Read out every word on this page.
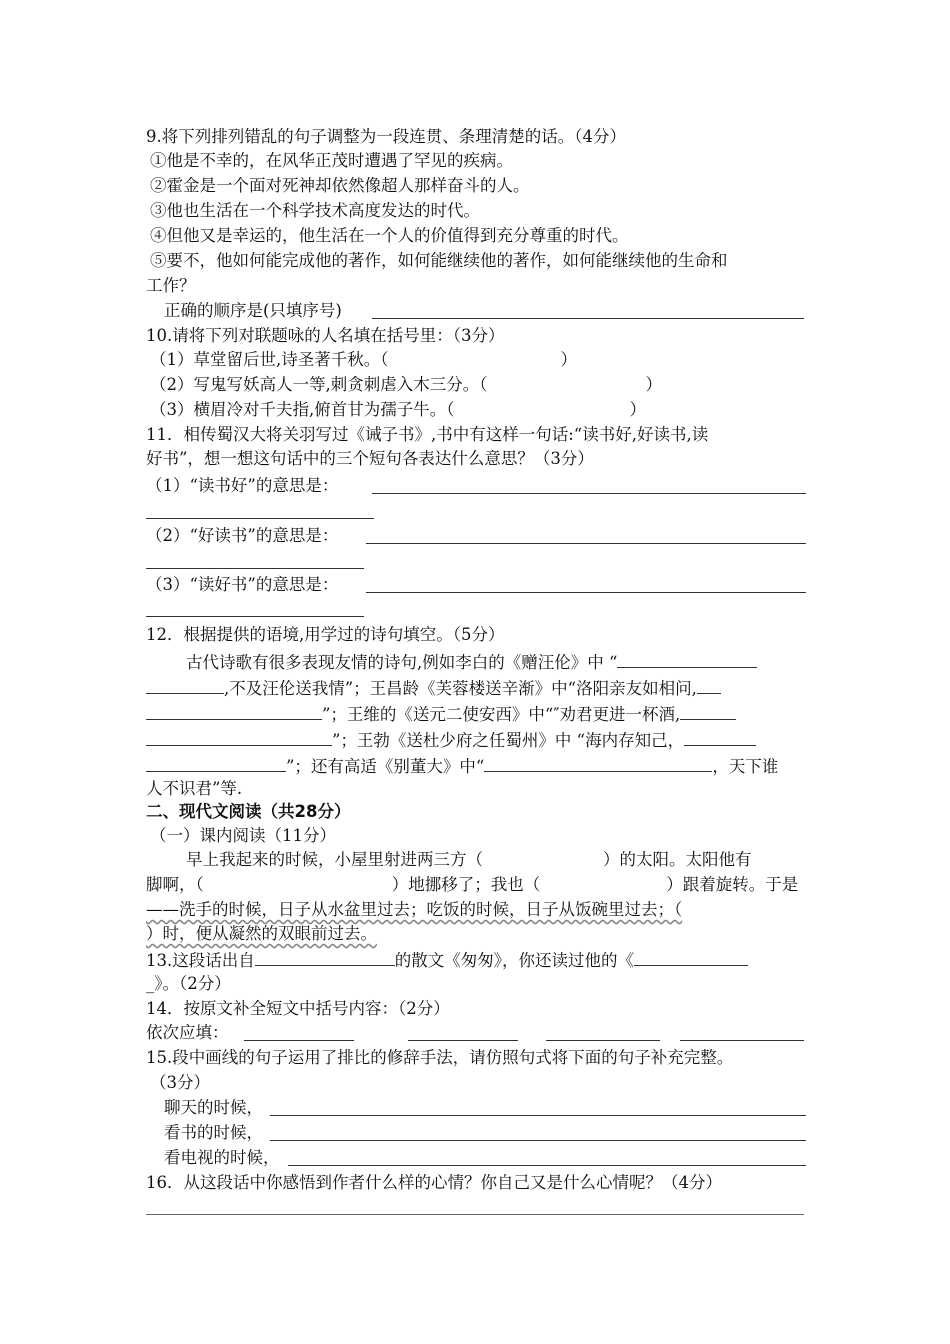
9.将下列排列错乱的句子调整为一段连贯、条理清楚的话。（4分）
①他是不幸的，在风华正茂时遭遇了罕见的疾病。
②霍金是一个面对死神却依然像超人那样奋斗的人。
③他也生活在一个科学技术高度发达的时代。
④但他又是幸运的，他生活在一个人的价值得到充分尊重的时代。
⑤要不，他如何能完成他的著作，如何能继续他的著作，如何能继续他的生命和
工作？
正确的顺序是(只填序号)
10.请将下列对联题咏的人名填在括号里：（3分）
（1）草堂留后世,诗圣著千秋。（	）
（2）写鬼写妖高人一等,刺贪刺虐入木三分。（	）
（3）横眉冷对千夫指,俯首甘为孺子牛。（	）
11．相传蜀汉大将关羽写过《诫子书》,书中有这样一句话:“读书好,好读书,读
好书”，想一想这句话中的三个短句各表达什么意思？（3分）
（1）“读书好”的意思是：
（2）“好读书”的意思是：
（3）“读好书”的意思是：
12．根据提供的语境,用学过的诗句填空。（5分）
古代诗歌有很多表现友情的诗句,例如李白的《赠汪伦》中 “
,不及汪伦送我情”；王昌龄《芙蓉楼送辛渐》中“洛阳亲友如相问,
”；王维的《送元二使安西》中“″劝君更进一杯酒,
”；王勃《送杜少府之任蜀州》中 “海内存知己，
”；还有高适《别董大》中“	，天下谁
人不识君”等.
二、现代文阅读（共28分）
（一）课内阅读（11分）
早上我起来的时候，小屋里射进两三方（	）的太阳。太阳他有
脚啊，（	）地挪移了；我也（	）跟着旋转。于是
——洗手的时候，日子从水盆里过去；吃饭的时候，日子从饭碗里过去；（
）时，便从凝然的双眼前过去。
13.这段话出自	的散文《匆匆》，你还读过他的《
_》。（2分）
14．按原文补全短文中括号内容：（2分）
依次应填：
15.段中画线的句子运用了排比的修辞手法，请仿照句式将下面的句子补充完整。
（3分）
聊天的时候，
看书的时候，
看电视的时候，
16．从这段话中你感悟到作者什么样的心情？你自己又是什么心情呢？（4分）
